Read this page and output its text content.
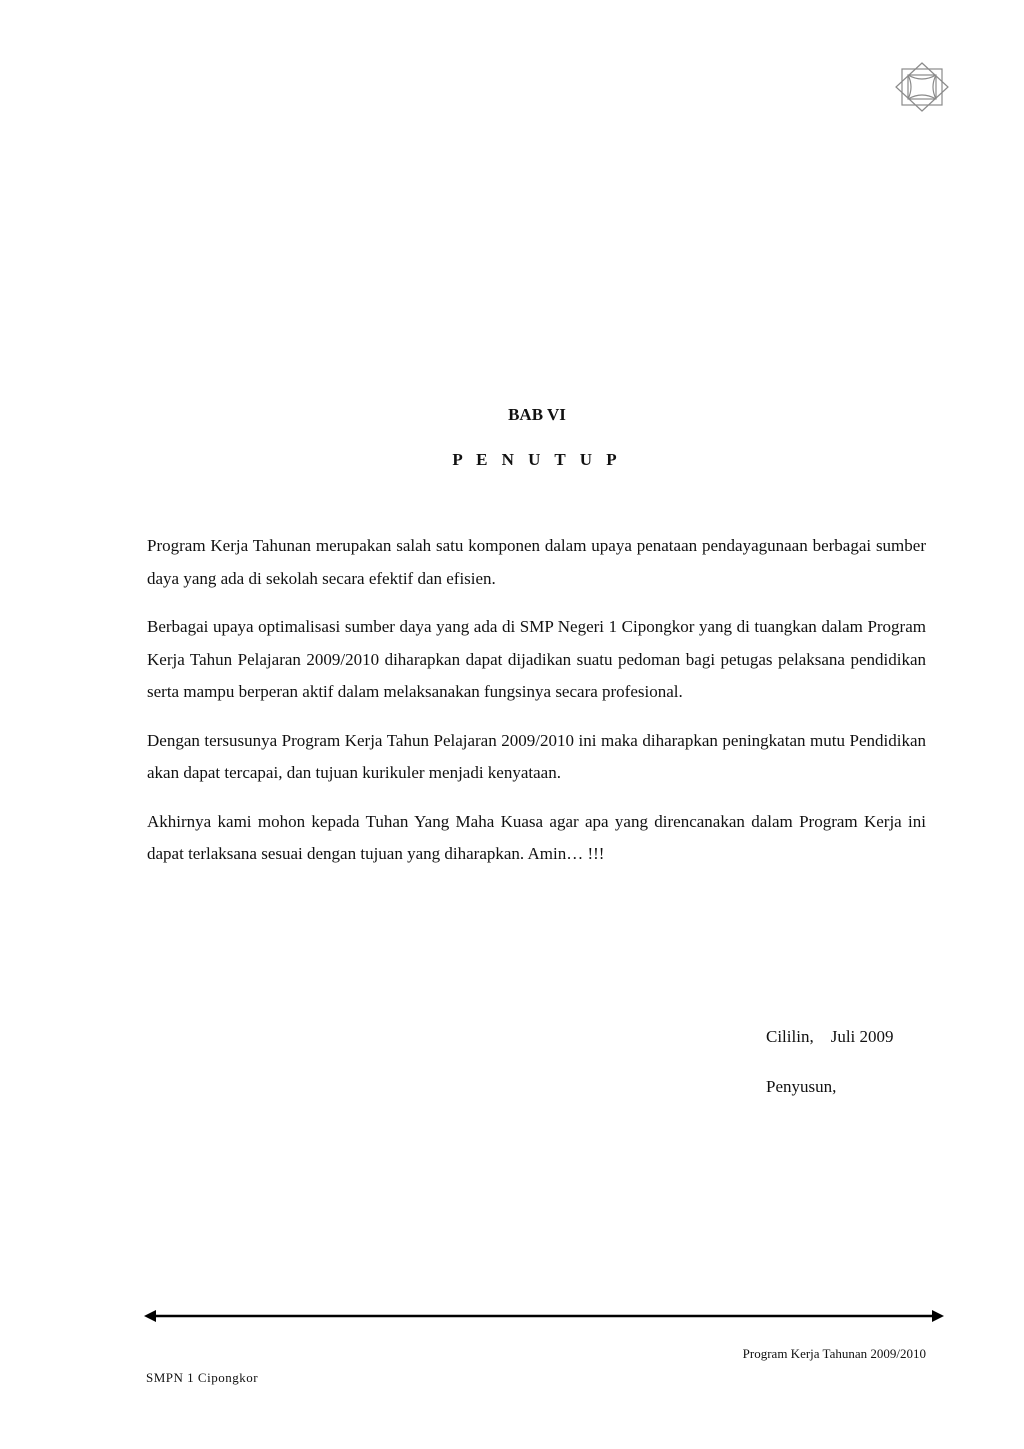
BAB VI
P E N U T U P

Program Kerja Tahunan merupakan salah satu komponen dalam upaya penataan pendayagunaan berbagai sumber daya yang ada di sekolah secara efektif dan efisien.

Berbagai upaya optimalisasi sumber daya yang ada di SMP Negeri 1 Cipongkor yang di tuangkan dalam Program Kerja Tahun Pelajaran 2009/2010 diharapkan dapat dijadikan suatu pedoman bagi petugas pelaksana pendidikan serta mampu berperan aktif dalam melaksanakan fungsinya secara profesional.

Dengan tersusunya Program Kerja Tahun Pelajaran 2009/2010 ini maka diharapkan peningkatan mutu Pendidikan akan dapat tercapai, dan tujuan kurikuler menjadi kenyataan.

Akhirnya kami mohon kepada Tuhan Yang Maha Kuasa agar apa yang direncanakan dalam Program Kerja ini dapat terlaksana sesuai dengan tujuan yang diharapkan. Amin… !!!

Cililin,    Juli 2009
Penyusun,
Program Kerja Tahunan 2009/2010
SMPN 1 Cipongkor
